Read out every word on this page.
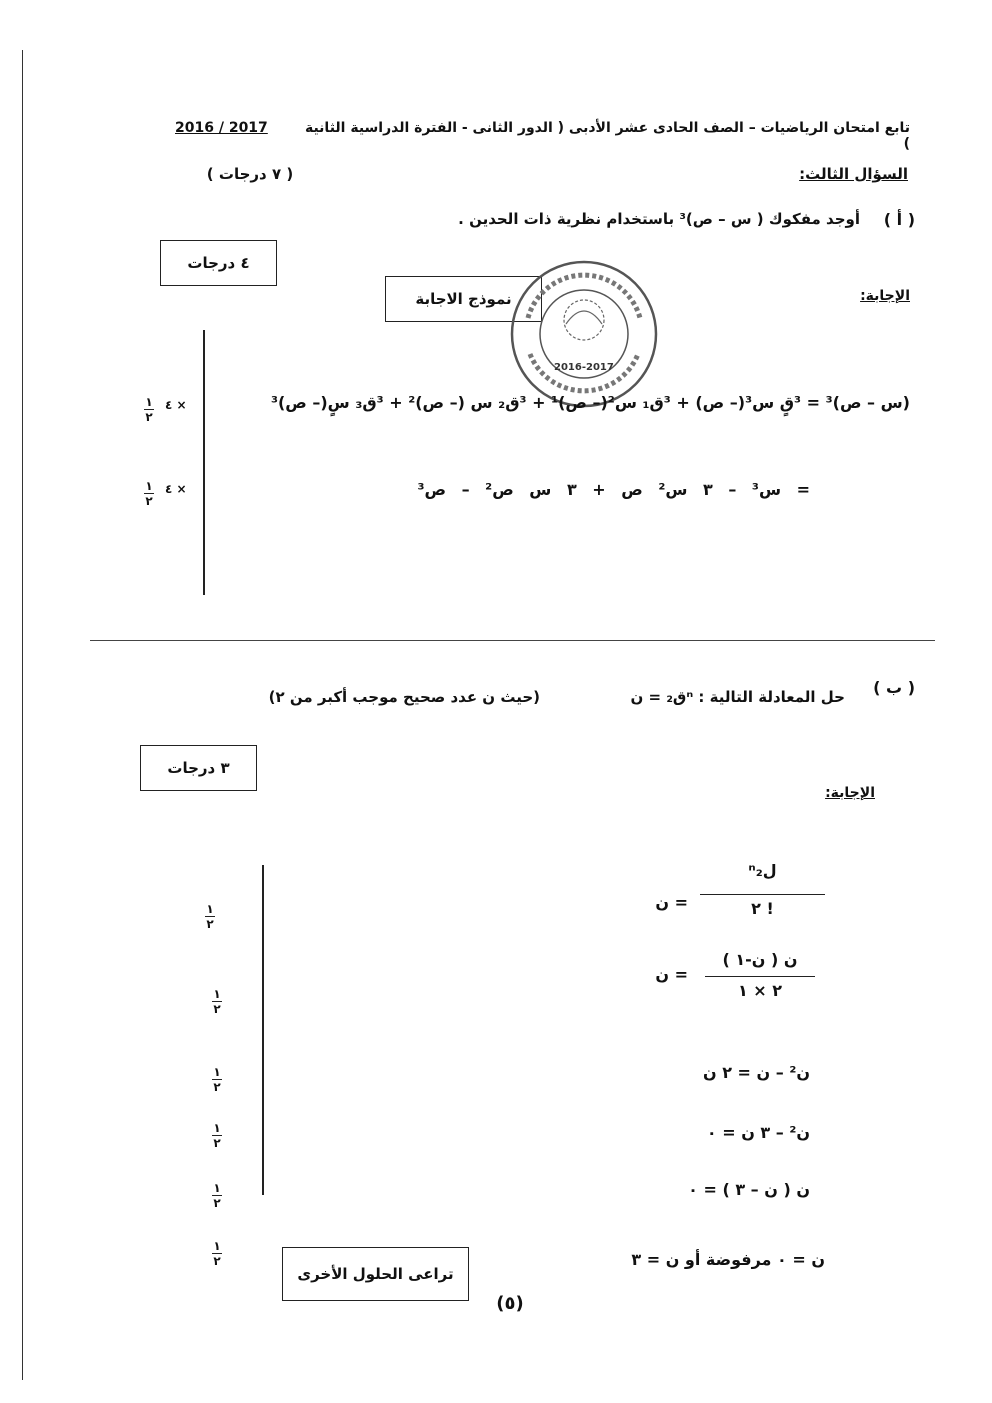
تابع امتحان الرياضيات – الصف الحادى عشر الأدبى ( الدور الثانى - الفترة الدراسية الثانية )
2016 / 2017
السؤال الثالث:
( ٧ درجات )
( أ )
أوجد مفكوك ( س – ص)³ باستخدام نظرية ذات الحدين .
٤ درجات
نموذج الاجابة	الإجابة:
2016-2017
(س – ص)³ = ³قٍ س³(– ص) + ³ق₁ س²(– ص)¹ + ³ق₂ س (– ص)² + ³ق₃ سٍ(– ص)³
٤ ×
١
٢
= س³ – ٣ س² ص + ٣ س ص² – ص³
٤ ×
١
٢
( ب )
حل المعادلة التالية : ⁿق₂ = ن
(حيث ن عدد صحيح موجب أكبر من ٢)
٣ درجات
الإجابة:
ⁿل₂
٢ !
= ن
ن ( ن-١ )
٢ × ١
= ن
ن² – ن = ٢ ن
ن² – ٣ ن = ٠
ن ( ن – ٣ ) = ٠
ن = ٠ مرفوضة أو ن = ٣
١
٢
١
٢
١
٢
١
٢
١
٢
١
٢
تراعى الحلول الأخرى
(٥)
